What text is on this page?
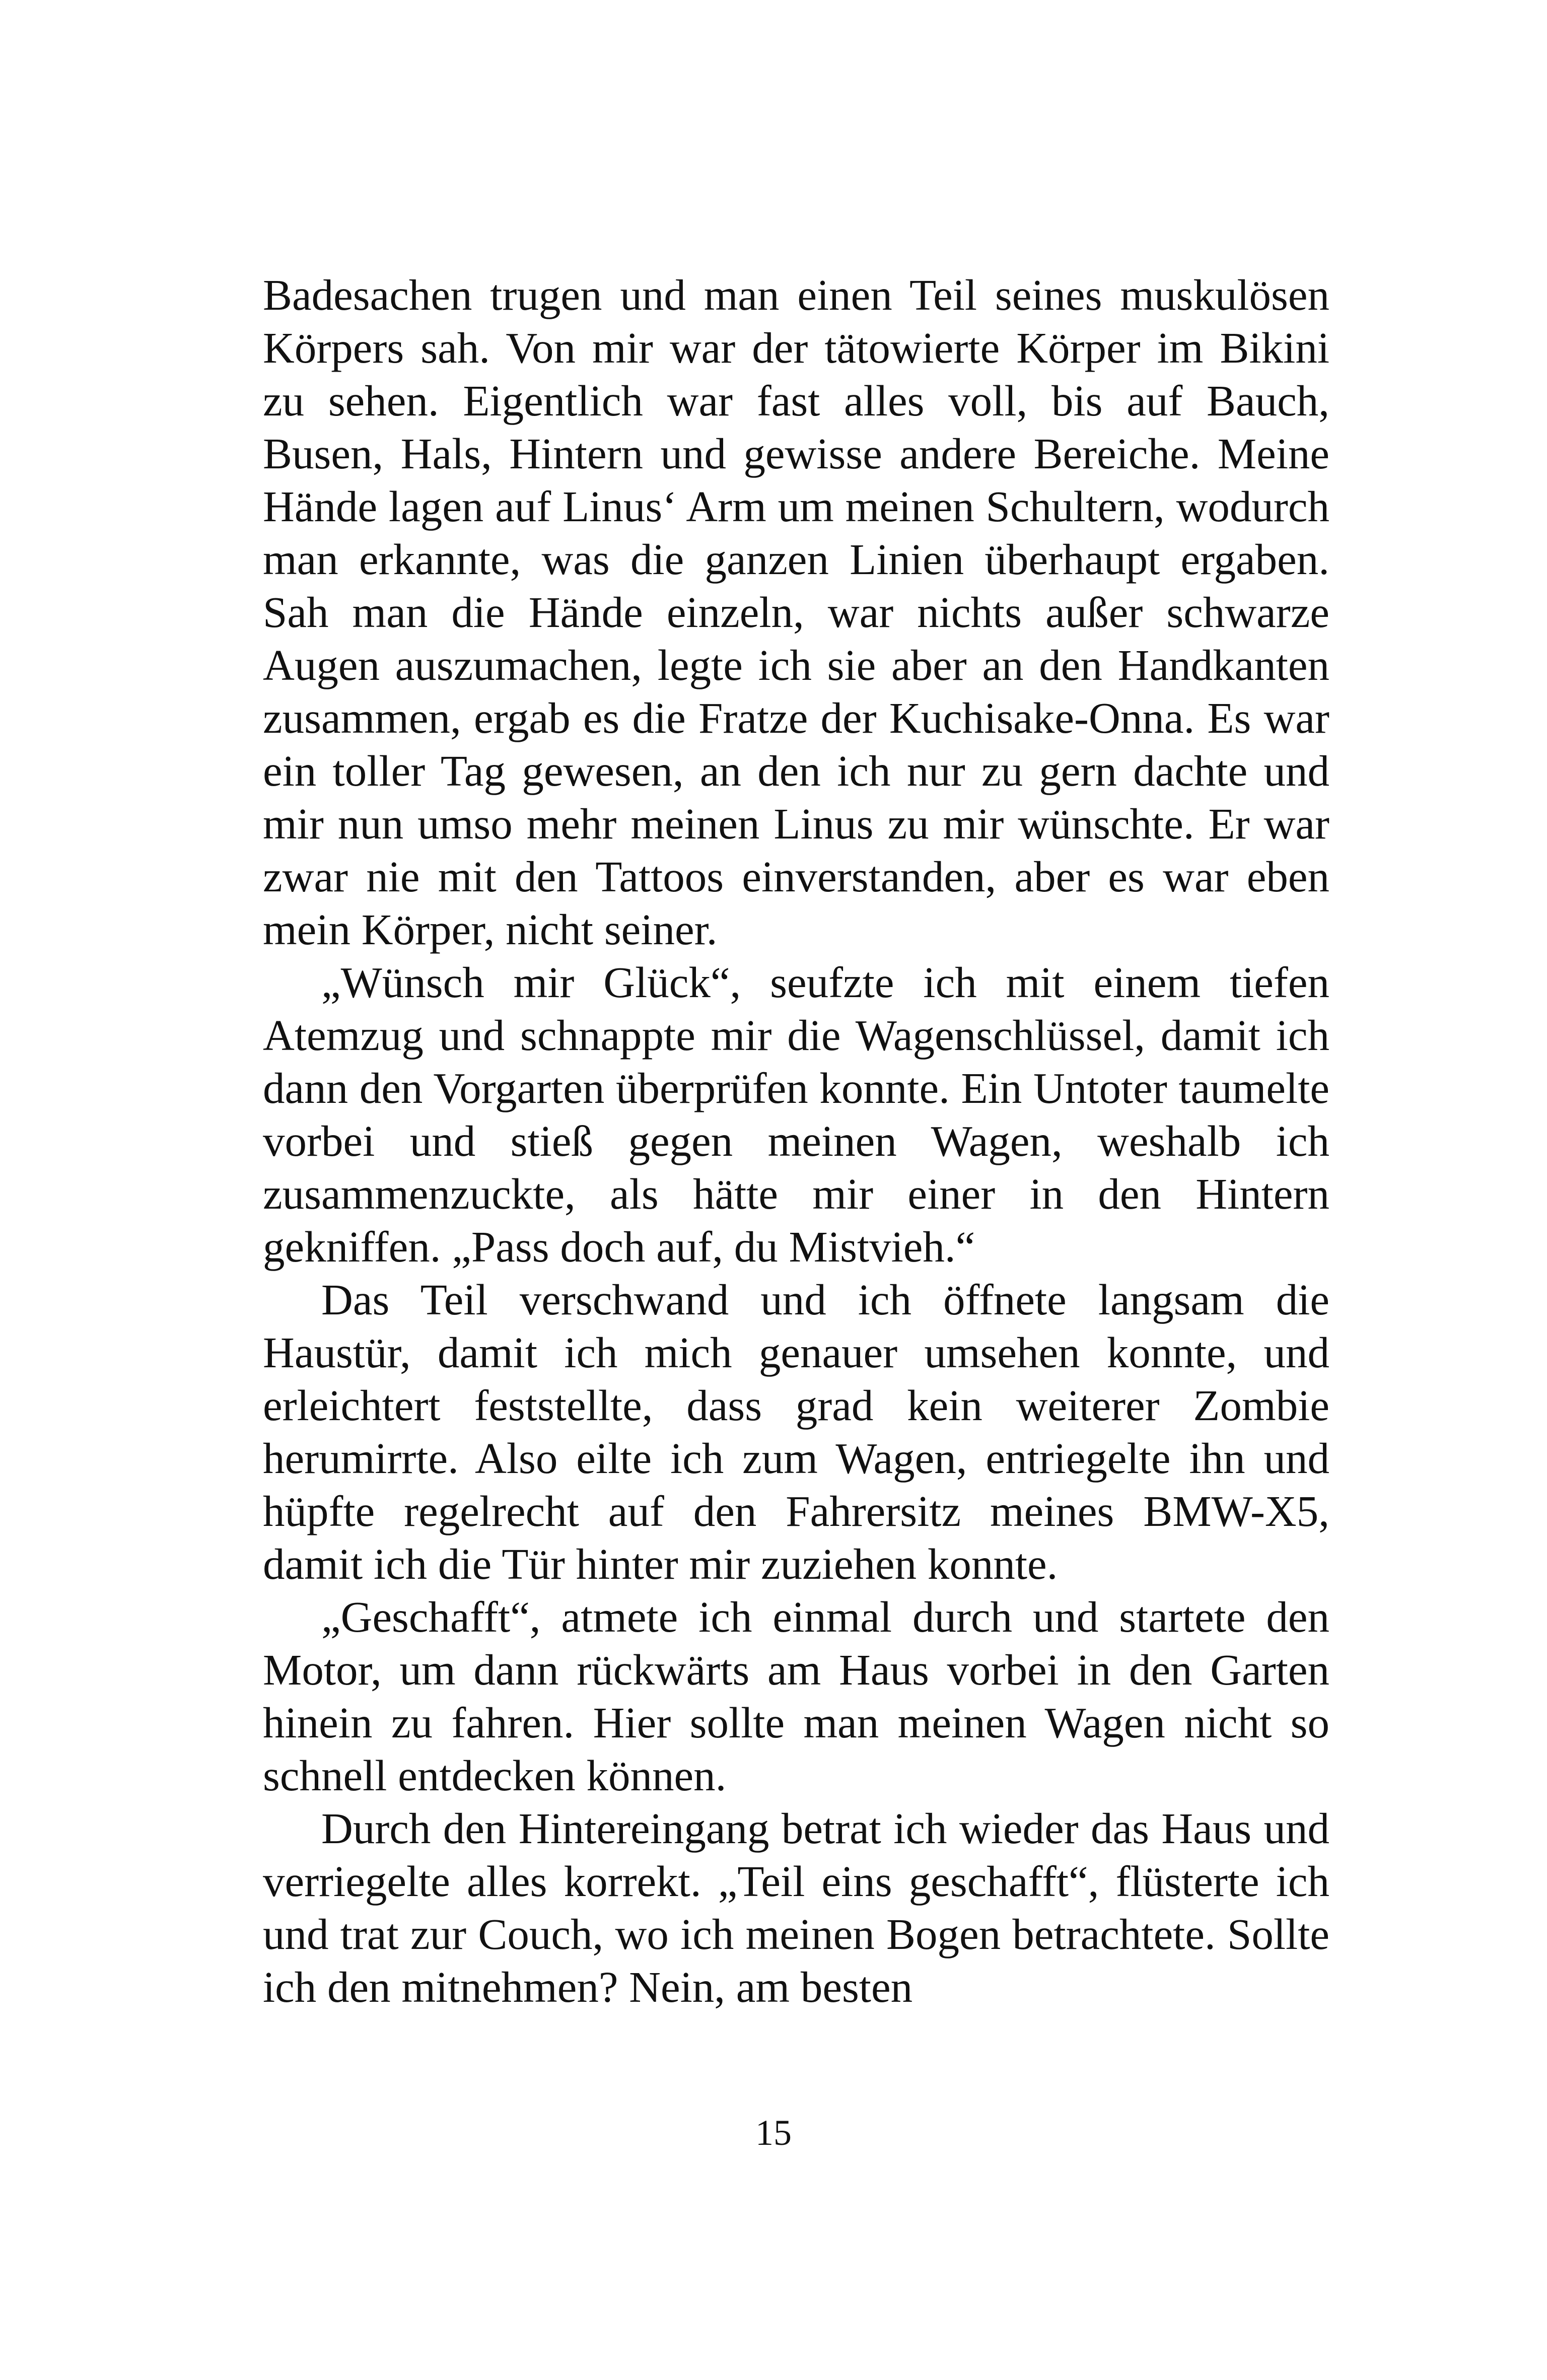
Badesachen trugen und man einen Teil seines muskulösen Körpers sah. Von mir war der tätowierte Körper im Bikini zu sehen. Eigentlich war fast alles voll, bis auf Bauch, Busen, Hals, Hintern und gewisse andere Bereiche. Meine Hände lagen auf Linus‘ Arm um meinen Schultern, wodurch man erkannte, was die ganzen Linien überhaupt ergaben. Sah man die Hände einzeln, war nichts außer schwarze Augen auszumachen, legte ich sie aber an den Handkanten zusammen, ergab es die Fratze der Kuchisake-Onna. Es war ein toller Tag gewesen, an den ich nur zu gern dachte und mir nun umso mehr meinen Linus zu mir wünschte. Er war zwar nie mit den Tattoos einverstanden, aber es war eben mein Körper, nicht seiner.

„Wünsch mir Glück“, seufzte ich mit einem tiefen Atemzug und schnappte mir die Wagenschlüssel, damit ich dann den Vorgarten überprüfen konnte. Ein Untoter taumelte vorbei und stieß gegen meinen Wagen, weshalb ich zusammenzuckte, als hätte mir einer in den Hintern gekniffen. „Pass doch auf, du Mistvieh.“

Das Teil verschwand und ich öffnete langsam die Haustür, damit ich mich genauer umsehen konnte, und erleichtert feststellte, dass grad kein weiterer Zombie herumirrte. Also eilte ich zum Wagen, entriegelte ihn und hüpfte regelrecht auf den Fahrersitz meines BMW-X5, damit ich die Tür hinter mir zuziehen konnte.

„Geschafft“, atmete ich einmal durch und startete den Motor, um dann rückwärts am Haus vorbei in den Garten hinein zu fahren. Hier sollte man meinen Wagen nicht so schnell entdecken können.

Durch den Hintereingang betrat ich wieder das Haus und verriegelte alles korrekt. „Teil eins geschafft“, flüsterte ich und trat zur Couch, wo ich meinen Bogen betrachtete. Sollte ich den mitnehmen? Nein, am besten

15
